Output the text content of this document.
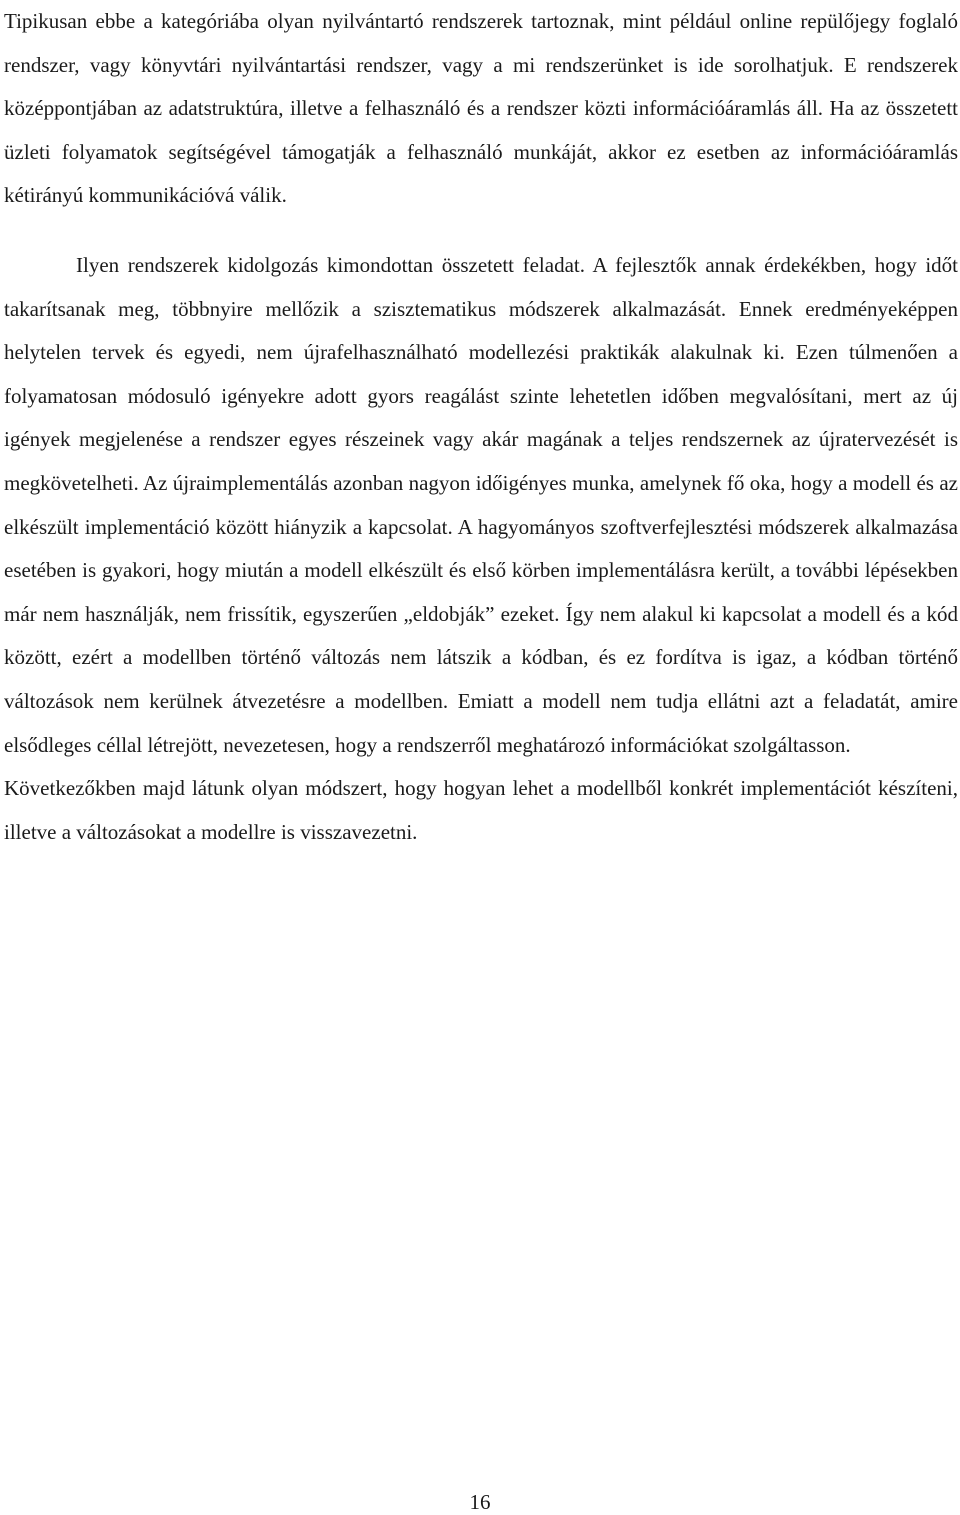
Tipikusan ebbe a kategóriába olyan nyilvántartó rendszerek tartoznak, mint például online repülőjegy foglaló rendszer, vagy könyvtári nyilvántartási rendszer, vagy a mi rendszerünket is ide sorolhatjuk. E rendszerek középpontjában az adatstruktúra, illetve a felhasználó és a rendszer közti információáramlás áll. Ha az összetett üzleti folyamatok segítségével támogatják a felhasználó munkáját, akkor ez esetben az információáramlás kétirányú kommunikációvá válik.

Ilyen rendszerek kidolgozás kimondottan összetett feladat. A fejlesztők annak érdekékben, hogy időt takarítsanak meg, többnyire mellőzik a szisztematikus módszerek alkalmazását. Ennek eredményeképpen helytelen tervek és egyedi, nem újrafelhasználható modellezési praktikák alakulnak ki. Ezen túlmenően a folyamatosan módosuló igényekre adott gyors reagálást szinte lehetetlen időben megvalósítani, mert az új igények megjelenése a rendszer egyes részeinek vagy akár magának a teljes rendszernek az újratervezését is megkövetelheti. Az újraimplementálás azonban nagyon időigényes munka, amelynek fő oka, hogy a modell és az elkészült implementáció között hiányzik a kapcsolat. A hagyományos szoftverfejlesztési módszerek alkalmazása esetében is gyakori, hogy miután a modell elkészült és első körben implementálásra került, a további lépésekben már nem használják, nem frissítik, egyszerűen „eldobják” ezeket. Így nem alakul ki kapcsolat a modell és a kód között, ezért a modellben történő változás nem látszik a kódban, és ez fordítva is igaz, a kódban történő változások nem kerülnek átvezetésre a modellben. Emiatt a modell nem tudja ellátni azt a feladatát, amire elsődleges céllal létrejött, nevezetesen, hogy a rendszerről meghatározó információkat szolgáltasson.

Következőkben majd látunk olyan módszert, hogy hogyan lehet a modellből konkrét implementációt készíteni, illetve a változásokat a modellre is visszavezetni.

16
